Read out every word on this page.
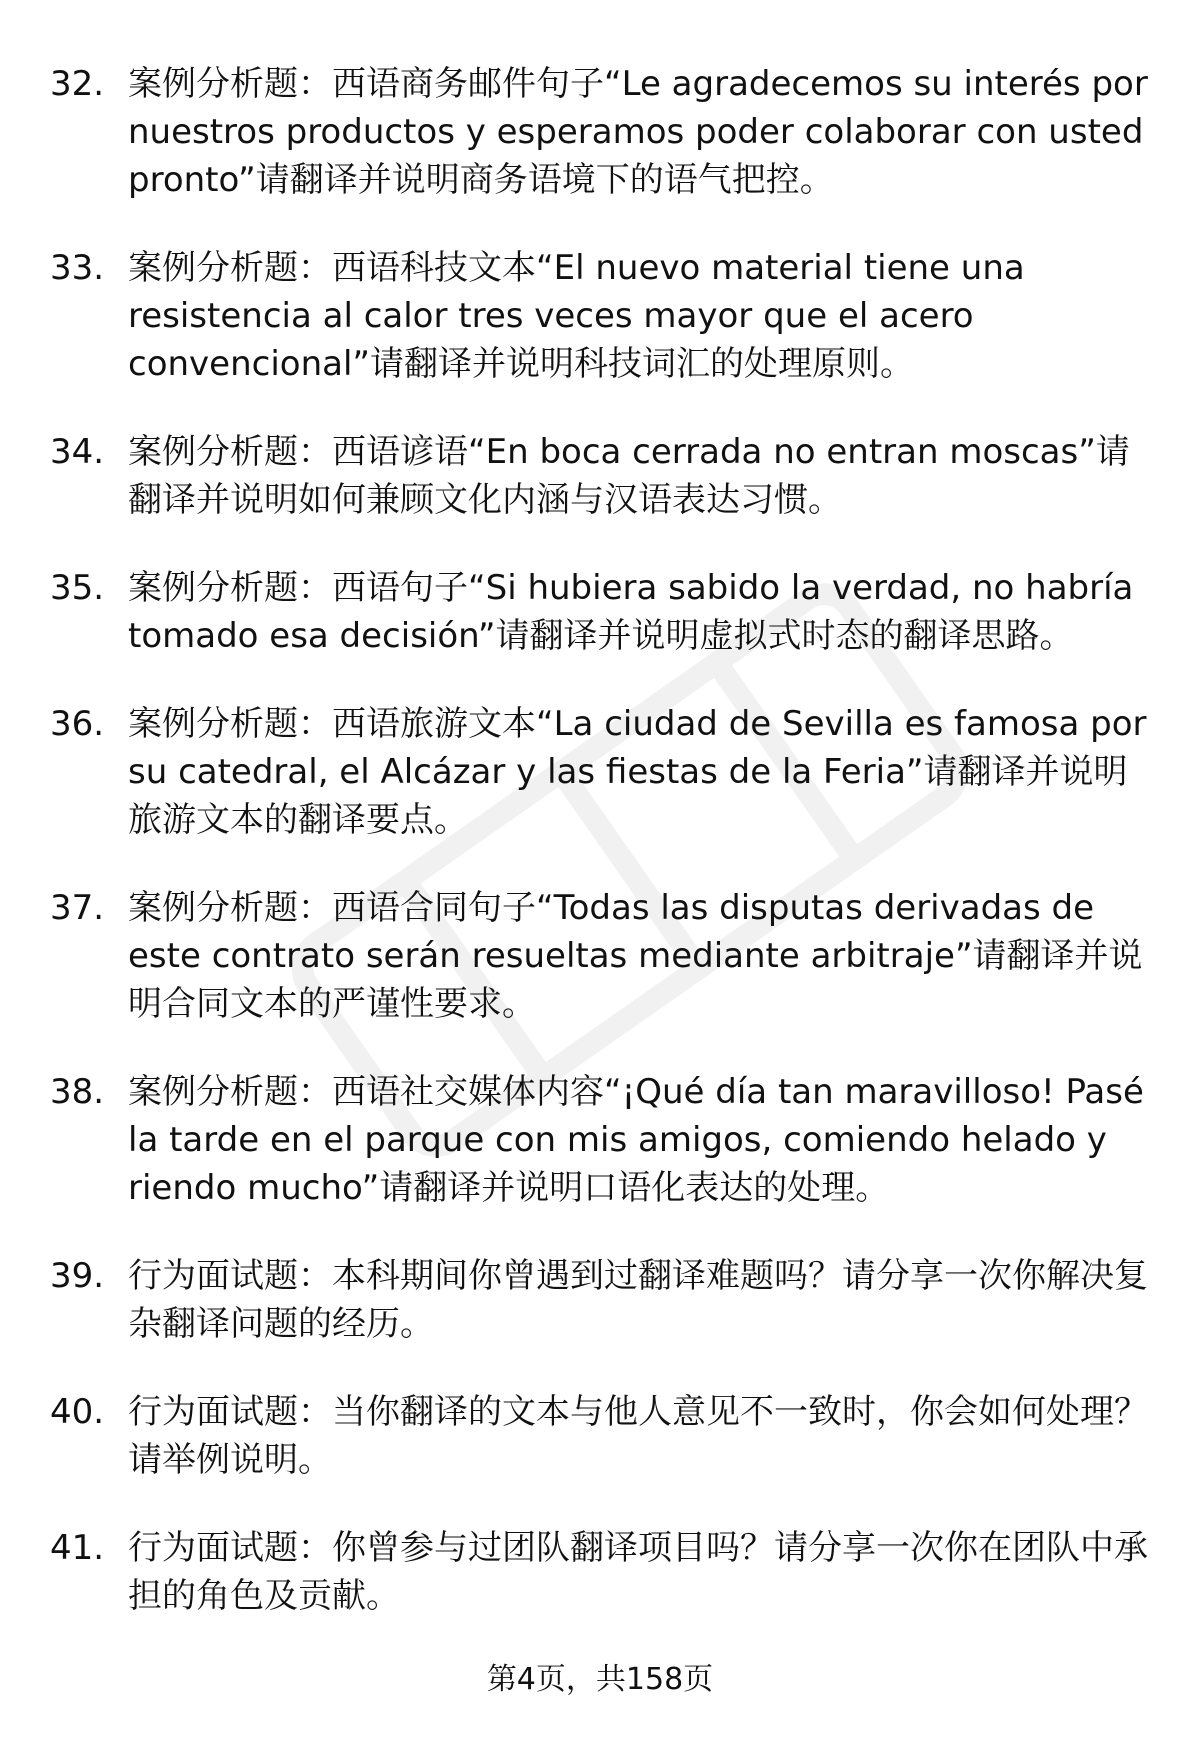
32. 案例分析题：西语商务邮件句子“Le agradecemos su interés por nuestros productos y esperamos poder colaborar con usted pronto”请翻译并说明商务语境下的语气把控。
33. 案例分析题：西语科技文本“El nuevo material tiene una resistencia al calor tres veces mayor que el acero convencional”请翻译并说明科技词汇的处理原则。
34. 案例分析题：西语谚语“En boca cerrada no entran moscas”请翻译并说明如何兼顾文化内涵与汉语表达习惯。
35. 案例分析题：西语句子“Si hubiera sabido la verdad, no habría tomado esa decisión”请翻译并说明虚拟式时态的翻译思路。
36. 案例分析题：西语旅游文本“La ciudad de Sevilla es famosa por su catedral, el Alcázar y las fiestas de la Feria”请翻译并说明旅游文本的翻译要点。
37. 案例分析题：西语合同句子“Todas las disputas derivadas de este contrato serán resueltas mediante arbitraje”请翻译并说明合同文本的严谨性要求。
38. 案例分析题：西语社交媒体内容“¡Qué día tan maravilloso! Pasé la tarde en el parque con mis amigos, comiendo helado y riendo mucho”请翻译并说明口语化表达的处理。
39. 行为面试题：本科期间你曾遇到过翻译难题吗？请分享一次你解决复杂翻译问题的经历。
40. 行为面试题：当你翻译的文本与他人意见不一致时，你会如何处理？请举例说明。
41. 行为面试题：你曾参与过团队翻译项目吗？请分享一次你在团队中承担的角色及贡献。
第4页，共158页
